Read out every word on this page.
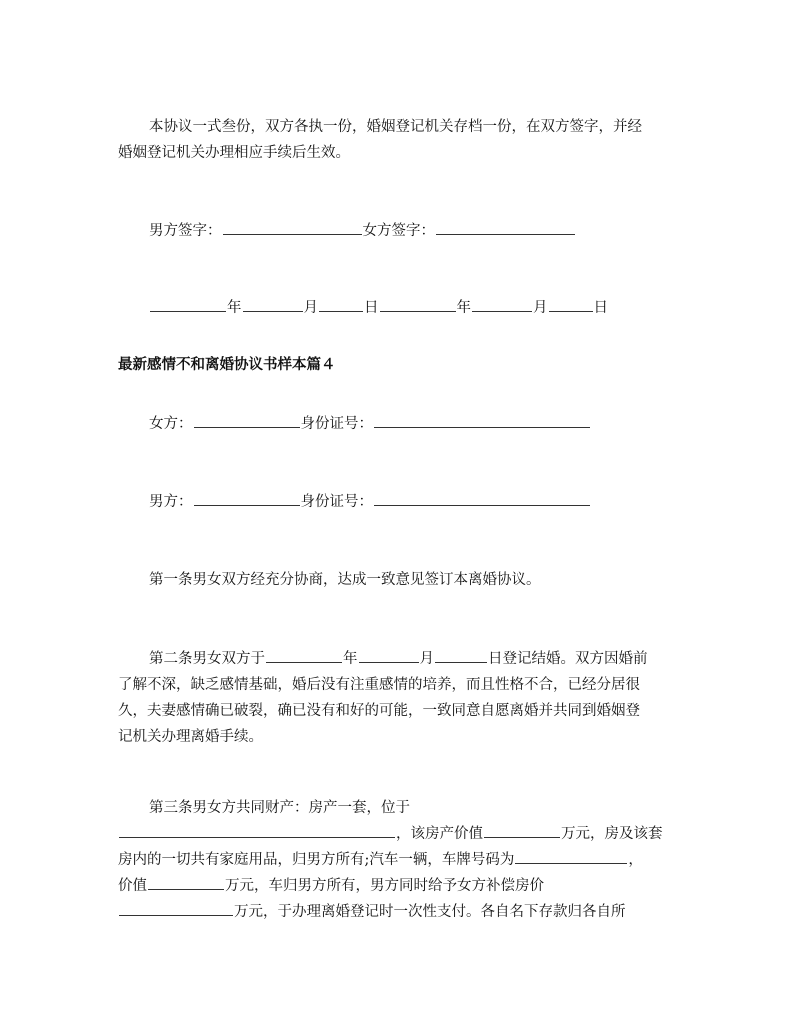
本协议一式叁份，双方各执一份，婚姻登记机关存档一份，在双方签字，并经
婚姻登记机关办理相应手续后生效。
男方签字：	女方签字：
年	月	日	年	月	日
最新感情不和离婚协议书样本篇４
女方：	身份证号：
男方：	身份证号：
第一条男女双方经充分协商，达成一致意见签订本离婚协议。
第二条男女双方于	年	月	日登记结婚。双方因婚前
了解不深，缺乏感情基础，婚后没有注重感情的培养，而且性格不合，已经分居很
久，夫妻感情确已破裂，确已没有和好的可能，一致同意自愿离婚并共同到婚姻登
记机关办理离婚手续。
第三条男女方共同财产：房产一套，位于
，该房产价值	万元，房及该套
房内的一切共有家庭用品，归男方所有;汽车一辆，车牌号码为	，
价值	万元，车归男方所有，男方同时给予女方补偿房价
万元，于办理离婚登记时一次性支付。各自名下存款归各自所
